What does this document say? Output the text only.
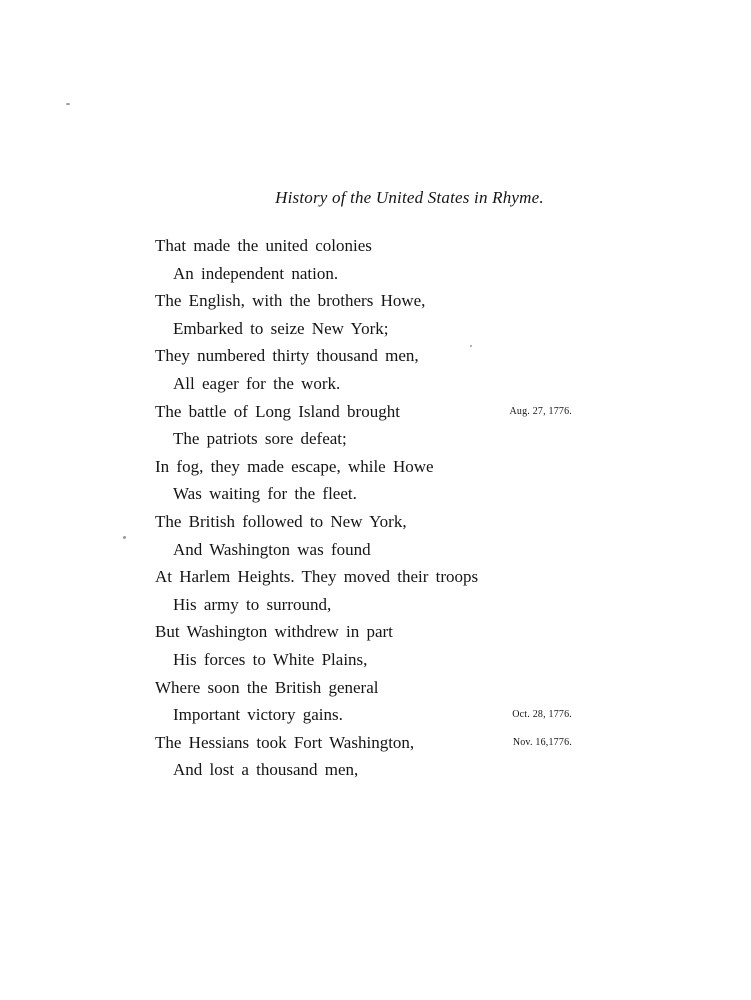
History of the United States in Rhyme.
That made the united colonies
An independent nation.
The English, with the brothers Howe,
Embarked to seize New York;
They numbered thirty thousand men,
All eager for the work.
The battle of Long Island brought	Aug. 27, 1776.
The patriots sore defeat;
In fog, they made escape, while Howe
Was waiting for the fleet.
The British followed to New York,
And Washington was found
At Harlem Heights. They moved their troops
His army to surround,
But Washington withdrew in part
His forces to White Plains,
Where soon the British general
Important victory gains.	Oct. 28, 1776.
The Hessians took Fort Washington,	Nov. 16,1776.
And lost a thousand men,
